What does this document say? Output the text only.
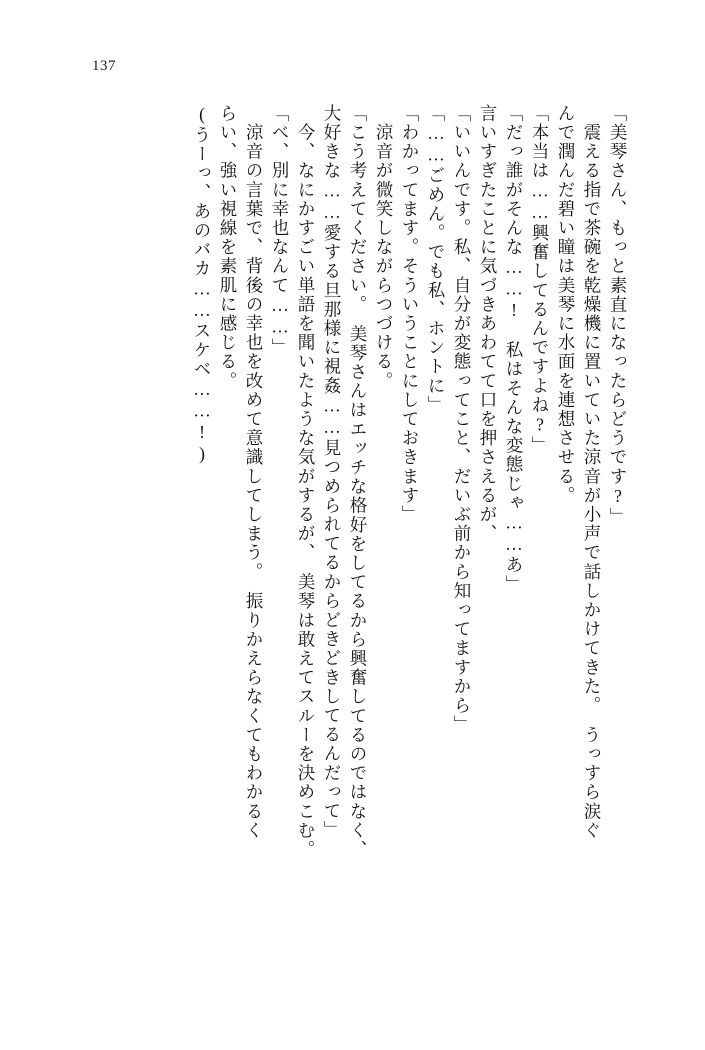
137
「美琴さん、もっと素直になったらどうです?」
　震える指で茶碗を乾燥機に置いていた涼音が小声で話しかけてきた。　うっすら涙ぐ
んで潤んだ碧い瞳は美琴に水面を連想させる。
「本当は……興奮してるんですよね?」
「だっ誰がそんな……!　私はそんな変態じゃ……あ」
言いすぎたことに気づきあわてて口を押さえるが、
「いいんです。私、自分が変態ってこと、だいぶ前から知ってますから」
「……ごめん。でも私、ホントに」
「わかってます。そういうことにしておきます」
　涼音が微笑しながらつづける。
「こう考えてください。　美琴さんはエッチな格好をしてるから興奮してるのではなく、
大好きな……愛する旦那様に視姦……見つめられてるからどきどきしてるんだって」
　今、なにかすごい単語を聞いたような気がするが、　美琴は敢えてスルーを決めこむ。
「べ、別に幸也なんて……」
　涼音の言葉で、背後の幸也を改めて意識してしまう。　振りかえらなくてもわかるく
らい、強い視線を素肌に感じる。
(うーっ、あのバカ……スケベ……!)
